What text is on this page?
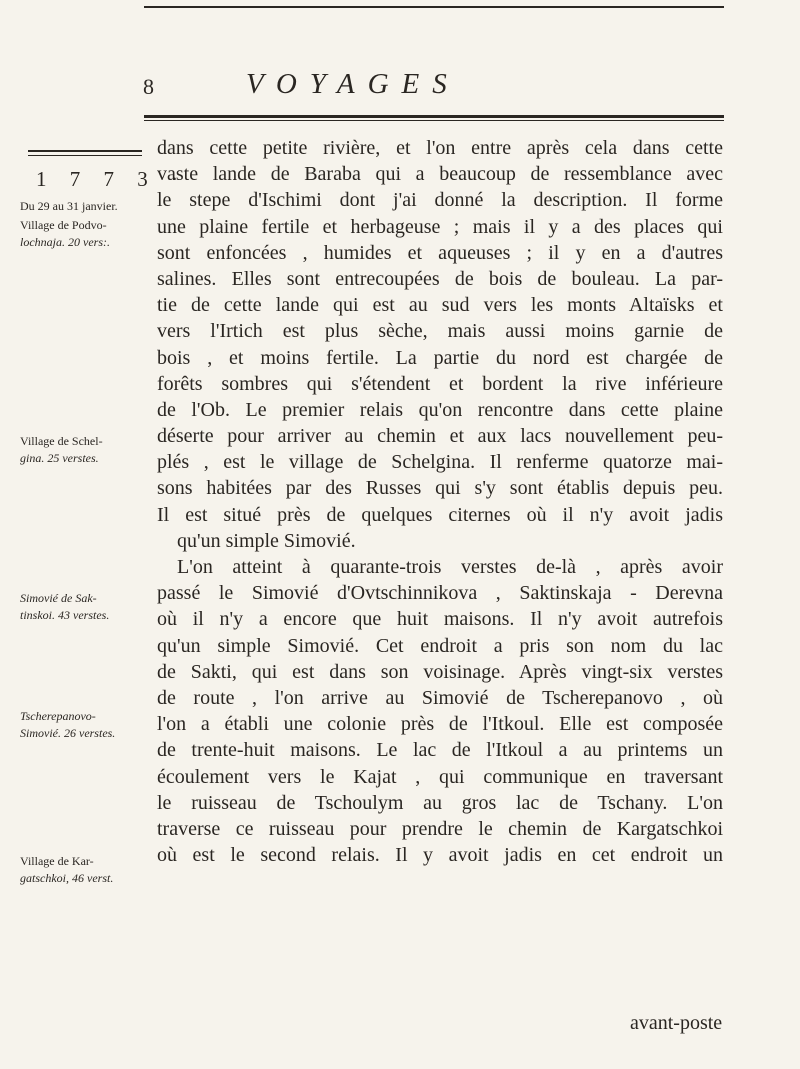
8	VOYAGES
1 7 7 3 ·
Du 29 au 31 janvier.
Village de Podvo-
lochnaja. 20 vers:.
Village de Schel-
gina. 25 verstes.
Simovié de Sak-
tinskoi. 43 verstes.
Tscherepanovo-
Simovié. 26 verstes.
Village de Kar-
gatschkoi, 46 verst.
dans cette petite rivière, et l'on entre après cela dans cette
vaste lande de Baraba qui a beaucoup de ressemblance avec
le stepe d'Ischimi dont j'ai donné la description. Il forme
une plaine fertile et herbageuse ; mais il y a des places qui
sont enfoncées , humides et aqueuses ; il y en a d'autres
salines. Elles sont entrecoupées de bois de bouleau. La par-
tie de cette lande qui est au sud vers les monts Altaïsks et
vers l'Irtich est plus sèche, mais aussi moins garnie de
bois , et moins fertile. La partie du nord est chargée de
forêts sombres qui s'étendent et bordent la rive inférieure
de l'Ob. Le premier relais qu'on rencontre dans cette plaine
déserte pour arriver au chemin et aux lacs nouvellement peu-
plés , est le village de Schelgina. Il renferme quatorze mai-
sons habitées par des Russes qui s'y sont établis depuis peu.
Il est situé près de quelques citernes où il n'y avoit jadis
qu'un simple Simovié.
L'on atteint à quarante-trois verstes de-là , après avoir
passé le Simovié d'Ovtschinnikova , Saktinskaja - Derevna
où il n'y a encore que huit maisons. Il n'y avoit autrefois
qu'un simple Simovié. Cet endroit a pris son nom du lac
de Sakti, qui est dans son voisinage. Après vingt-six verstes
de route , l'on arrive au Simovié de Tscherepanovo , où
l'on a établi une colonie près de l'Itkoul. Elle est composée
de trente-huit maisons. Le lac de l'Itkoul a au printems un
écoulement vers le Kajat , qui communique en traversant
le ruisseau de Tschoulym au gros lac de Tschany. L'on
traverse ce ruisseau pour prendre le chemin de Kargatschkoi
où est le second relais. Il y avoit jadis en cet endroit un
avant-poste
